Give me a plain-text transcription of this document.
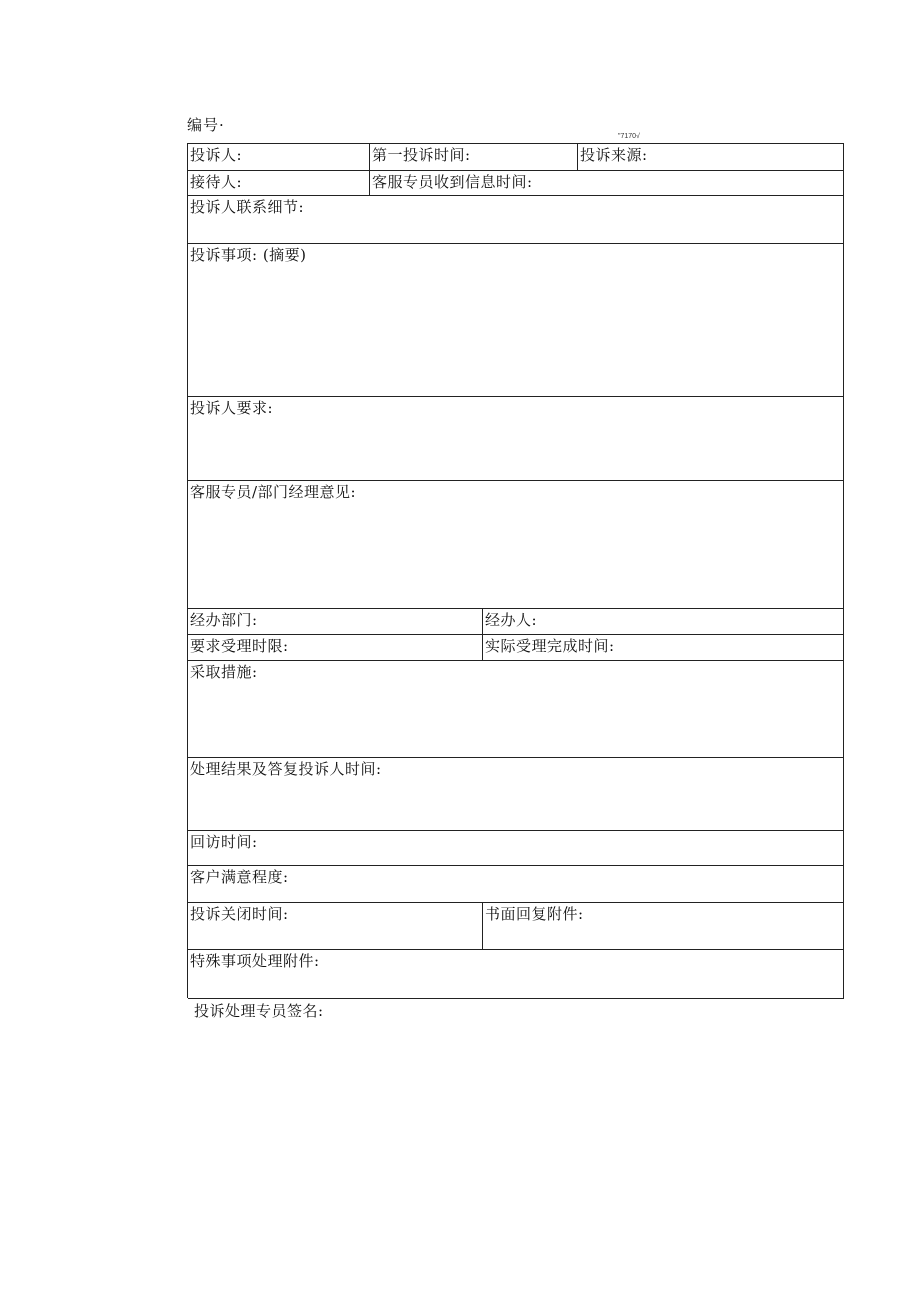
编号·
"7170√
投诉人:	第一投诉时间:	投诉来源:
接待人:	客服专员收到信息时间:
投诉人联系细节:
投诉事项: (摘要)
投诉人要求:
客服专员/部门经理意见:
经办部门:	经办人:
要求受理时限:	实际受理完成时间:
采取措施:
处理结果及答复投诉人时间:
回访时间:
客户满意程度:
投诉关闭时间:	书面回复附件:
特殊事项处理附件:
投诉处理专员签名:
